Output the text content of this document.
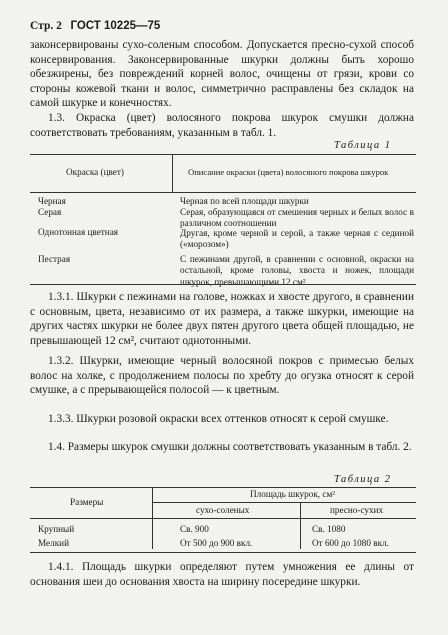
Стр. 2 ГОСТ 10225—75

законсервированы сухо-соленым способом. Допускается пресно-сухой способ консервирования. Законсервированные шкурки должны быть хорошо обезжирены, без повреждений корней волос, очищены от грязи, крови со стороны кожевой ткани и волос, симметрично расправлены без складок на самой шкурке и конечностях.

1.3. Окраска (цвет) волосяного покрова шкурок смушки должна соответствовать требованиям, указанным в табл. 1.

Таблица 1
Окраска (цвет)	Описание окраски (цвета) волосяного покрова шкурок
Черная	Черная по всей площади шкурки
Серая	Серая, образующаяся от смешения черных и белых волос в различном соотношении
Однотонная цветная	Другая, кроме черной и серой, а также черная с сединой («морозом»)
Пестрая	С пежинами другой, в сравнении с основной, окраски на остальной, кроме головы, хвоста и ножек, площади шкурок, превышающими 12 см²

1.3.1. Шкурки с пежинами на голове, ножках и хвосте другого, в сравнении с основным, цвета, независимо от их размера, а также шкурки, имеющие на других частях шкурки не более двух пятен другого цвета общей площадью, не превышающей 12 см², считают однотонными.

1.3.2. Шкурки, имеющие черный волосяной покров с примесью белых волос на холке, с продолжением полосы по хребту до огузка относят к серой смушке, а с прерывающейся полосой — к цветным.

1.3.3. Шкурки розовой окраски всех оттенков относят к серой смушке.

1.4. Размеры шкурок смушки должны соответствовать указанным в табл. 2.

Таблица 2
Размеры
Площадь шкурок, см²
сухо-соленых	пресно-сухих
Крупный	Св. 900	Св. 1080
Мелкий	От 500 до 900 вкл.	От 600 до 1080 вкл.

1.4.1. Площадь шкурки определяют путем умножения ее длины от основания шеи до основания хвоста на ширину посередине шкурки.
